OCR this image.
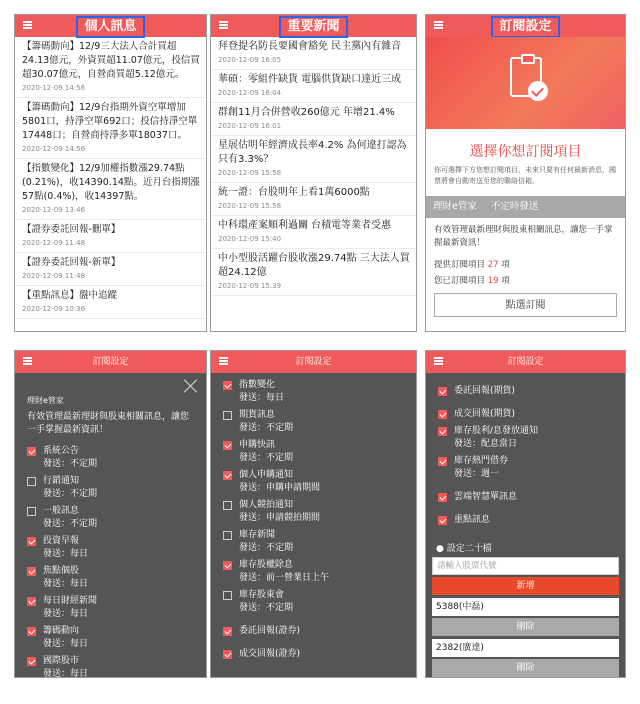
個人訊息
【籌碼動向】12/9三大法人合計買超24.13億元，外資買超11.07億元，投信買超30.07億元，自營商買超5.12億元。
2020-12-09 14:56
【籌碼動向】12/9台指期外資空單增加5801口，持淨空單692口；投信持淨空單17448口；自營商持淨多單18037口。
2020-12-09 14:56
【指數變化】12/9加權指數漲29.74點(0.21%)，收14390.14點。近月台指期漲57點(0.4%)，收14397點。
2020-12-09 13:46
【證券委託回報-刪單】
2020-12-09 11:48
【證券委託回報-新單】
2020-12-09 11:48
【重點訊息】盤中追蹤
2020-12-09 10:36
重要新聞
拜登提名防長要國會豁免 民主黨內有雜音
2020-12-09 16:05
華碩：零組件缺貨 電腦供貨缺口達近三成
2020-12-09 16:04
群創11月合併營收260億元 年增21.4%
2020-12-09 16:01
星展估明年經濟成長率4.2% 為何違打認為只有3.3%？
2020-12-09 15:58
統一證：台股明年上看1萬6000點
2020-12-09 15:58
中科環產案順利過關 台積電等業者受惠
2020-12-09 15:40
中小型股活躍台股收漲29.74點 三大法人買超24.12億
2020-12-09 15:39
訂閱設定
選擇你想訂閱項目
你可選擇下方您想訂閱項目，未來只要有任何最新消息，國票將會自動寄送至您的聯絡信箱。
理財e管家 不定時發送
有效管理最新理財與股東相關訊息，讓您一手掌握最新資訊！
提供訂閱項目 27 項
您已訂閱項目 19 項
點選訂閱
訂閱設定
理財e管家
有效管理最新理財與股東相關訊息，讓您一手掌握最新資訊！
系統公告
發送：不定期
行銷通知
發送：不定期
一般訊息
發送：不定期
投資早報
發送：每日
焦點個股
發送：每日
每日財經新聞
發送：每日
籌碼動向
發送：每日
國際股市
發送：每日
訂閱設定
指數變化
發送：每日
期貨訊息
發送：不定期
申購快訊
發送：不定期
個人申購通知
發送：申購申請期間
個人競拍通知
發送：申請競拍期間
庫存新聞
發送：不定期
庫存股權除息
發送：前一營業日上午
庫存股東會
發送：不定期
委託回報(證券)
成交回報(證券)
訂閱設定
委託回報(期貨)
成交回報(期貨)
庫存股利/息發放通知
發送：配息當日
庫存熱門借券
發送：週一
雲端智慧單訊息
重點訊息
● 設定二十檔
請輸入股票代號
新增
5388(中磊)
刪除
2382(廣達)
刪除
